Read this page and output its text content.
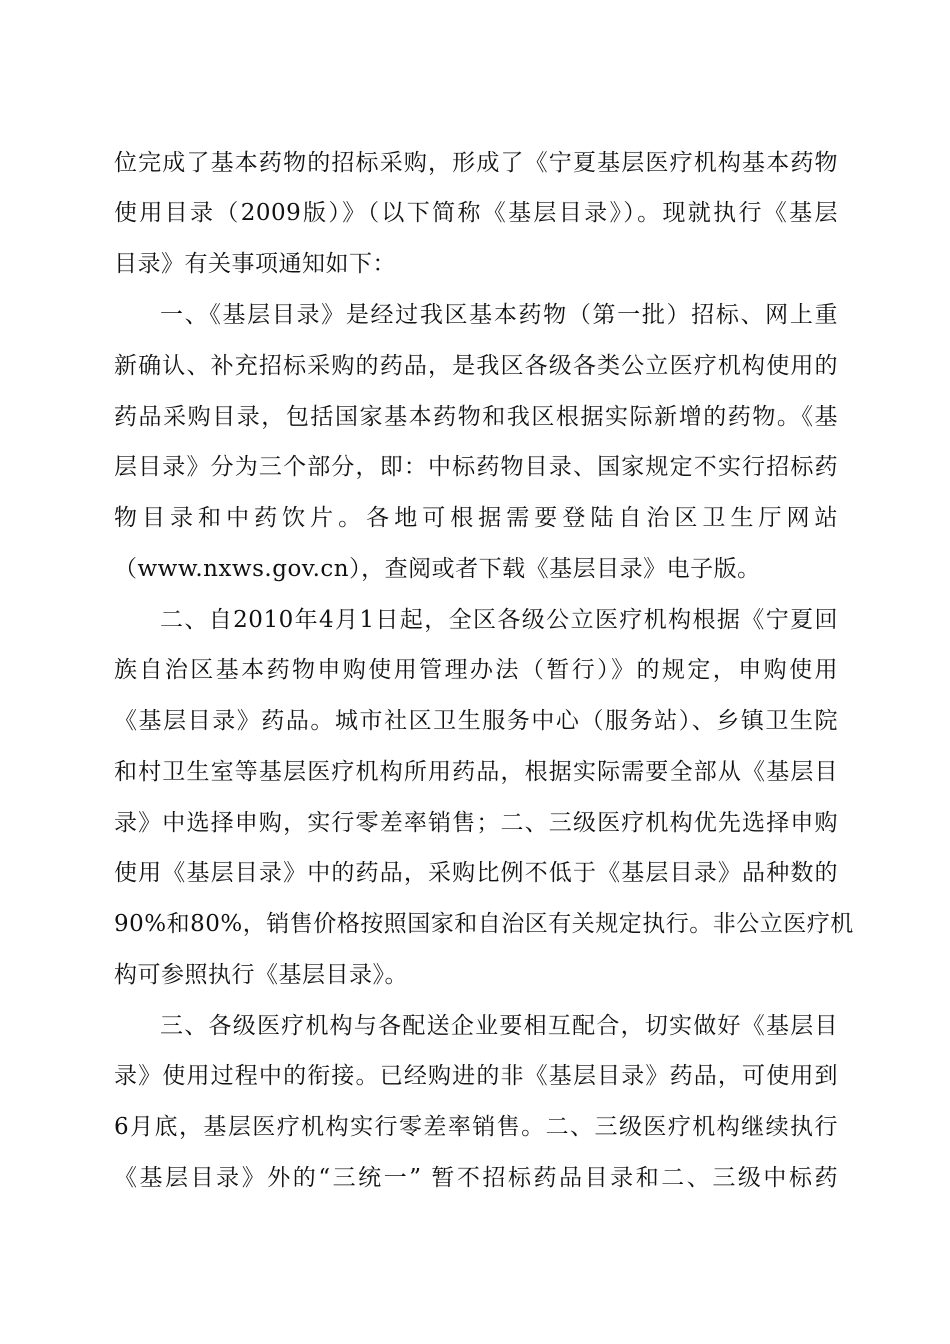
位完成了基本药物的招标采购，形成了《宁夏基层医疗机构基本药物
使用目录（2009版）》（以下简称《基层目录》）。现就执行《基层
目录》有关事项通知如下：
一、《基层目录》是经过我区基本药物（第一批）招标、网上重
新确认、补充招标采购的药品，是我区各级各类公立医疗机构使用的
药品采购目录，包括国家基本药物和我区根据实际新增的药物。《基
层目录》分为三个部分，即：中标药物目录、国家规定不实行招标药
物目录和中药饮片。各地可根据需要登陆自治区卫生厅网站
（www.nxws.gov.cn），查阅或者下载《基层目录》电子版。
二、自2010年4月1日起，全区各级公立医疗机构根据《宁夏回
族自治区基本药物申购使用管理办法（暂行）》的规定，申购使用
《基层目录》药品。城市社区卫生服务中心（服务站）、乡镇卫生院
和村卫生室等基层医疗机构所用药品，根据实际需要全部从《基层目
录》中选择申购，实行零差率销售；二、三级医疗机构优先选择申购
使用《基层目录》中的药品，采购比例不低于《基层目录》品种数的
90%和80%，销售价格按照国家和自治区有关规定执行。非公立医疗机
构可参照执行《基层目录》。
三、各级医疗机构与各配送企业要相互配合，切实做好《基层目
录》使用过程中的衔接。已经购进的非《基层目录》药品，可使用到
6月底，基层医疗机构实行零差率销售。二、三级医疗机构继续执行
《基层目录》外的“三统一” 暂不招标药品目录和二、三级中标药
